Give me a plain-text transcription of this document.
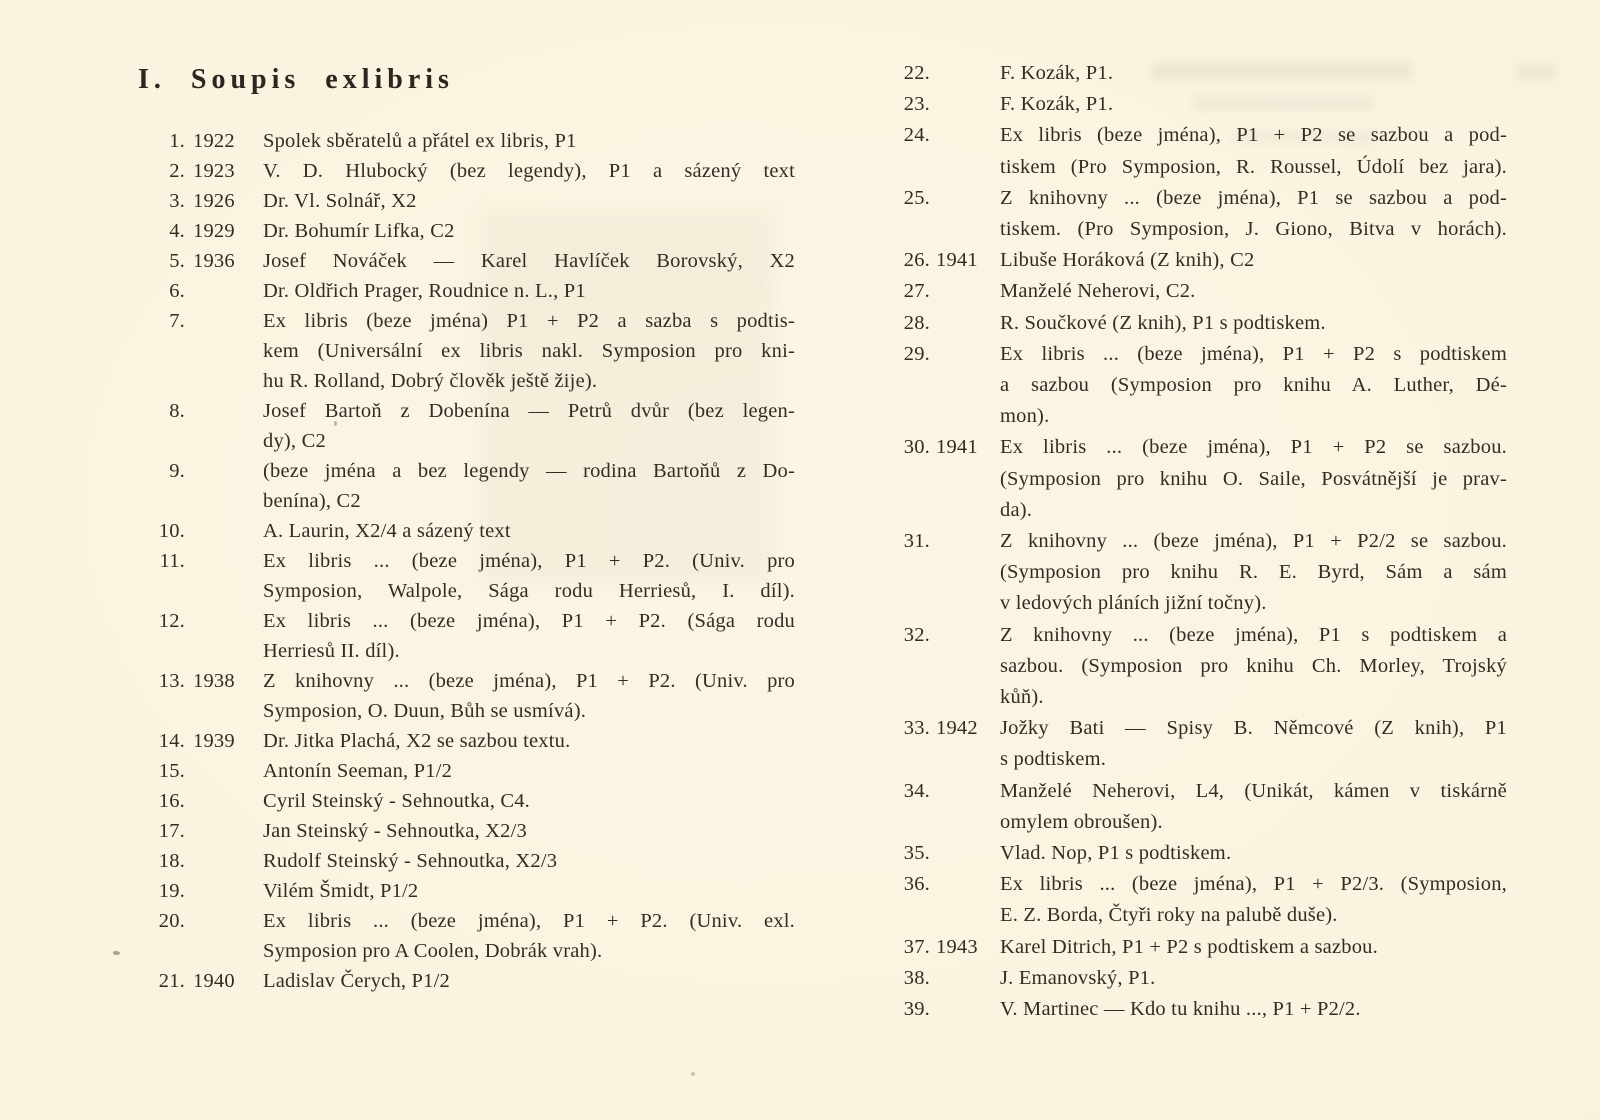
I. Soupis exlibris
1. 1922	Spolek sběratelů a přátel ex libris, P1
2. 1923	V. D. Hlubocký (bez legendy), P1 a sázený text
3. 1926	Dr. Vl. Solnář, X2
4. 1929	Dr. Bohumír Lifka, C2
5. 1936	Josef Nováček — Karel Havlíček Borovský, X2
6.	Dr. Oldřich Prager, Roudnice n. L., P1
7.	Ex libris (beze jména) P1 + P2 a sazba s podtis-
kem (Universální ex libris nakl. Symposion pro kni-
hu R. Rolland, Dobrý člověk ještě žije).
8.	Josef Bartoň z Dobenína — Petrů dvůr (bez legen-
dy), C2
9.	(beze jména a bez legendy — rodina Bartoňů z Do-
benína), C2
10.	A. Laurin, X2/4 a sázený text
11.	Ex libris ... (beze jména), P1 + P2. (Univ. pro
Symposion, Walpole, Sága rodu Herriesů, I. díl).
12.	Ex libris ... (beze jména), P1 + P2. (Sága rodu
Herriesů II. díl).
13. 1938	Z knihovny ... (beze jména), P1 + P2. (Univ. pro
Symposion, O. Duun, Bůh se usmívá).
14. 1939	Dr. Jitka Plachá, X2 se sazbou textu.
15.	Antonín Seeman, P1/2
16.	Cyril Steinský - Sehnoutka, C4.
17.	Jan Steinský - Sehnoutka, X2/3
18.	Rudolf Steinský - Sehnoutka, X2/3
19.	Vilém Šmidt, P1/2
20.	Ex libris ... (beze jména), P1 + P2. (Univ. exl.
Symposion pro A Coolen, Dobrák vrah).
21. 1940	Ladislav Čerych, P1/2
22.	F. Kozák, P1.
23.	F. Kozák, P1.
24.	Ex libris (beze jména), P1 + P2 se sazbou a pod-
tiskem (Pro Symposion, R. Roussel, Údolí bez jara).
25.	Z knihovny ... (beze jména), P1 se sazbou a pod-
tiskem. (Pro Symposion, J. Giono, Bitva v horách).
26. 1941	Libuše Horáková (Z knih), C2
27.	Manželé Neherovi, C2.
28.	R. Součkové (Z knih), P1 s podtiskem.
29.	Ex libris ... (beze jména), P1 + P2 s podtiskem
a sazbou (Symposion pro knihu A. Luther, Dé-
mon).
30. 1941	Ex libris ... (beze jména), P1 + P2 se sazbou.
(Symposion pro knihu O. Saile, Posvátnější je prav-
da).
31.	Z knihovny ... (beze jména), P1 + P2/2 se sazbou.
(Symposion pro knihu R. E. Byrd, Sám a sám
v ledových pláních jižní točny).
32.	Z knihovny ... (beze jména), P1 s podtiskem a
sazbou. (Symposion pro knihu Ch. Morley, Trojský
kůň).
33. 1942	Jožky Bati — Spisy B. Němcové (Z knih), P1
s podtiskem.
34.	Manželé Neherovi, L4, (Unikát, kámen v tiskárně
omylem obroušen).
35.	Vlad. Nop, P1 s podtiskem.
36.	Ex libris ... (beze jména), P1 + P2/3. (Symposion,
E. Z. Borda, Čtyři roky na palubě duše).
37. 1943	Karel Ditrich, P1 + P2 s podtiskem a sazbou.
38.	J. Emanovský, P1.
39.	V. Martinec — Kdo tu knihu ..., P1 + P2/2.
